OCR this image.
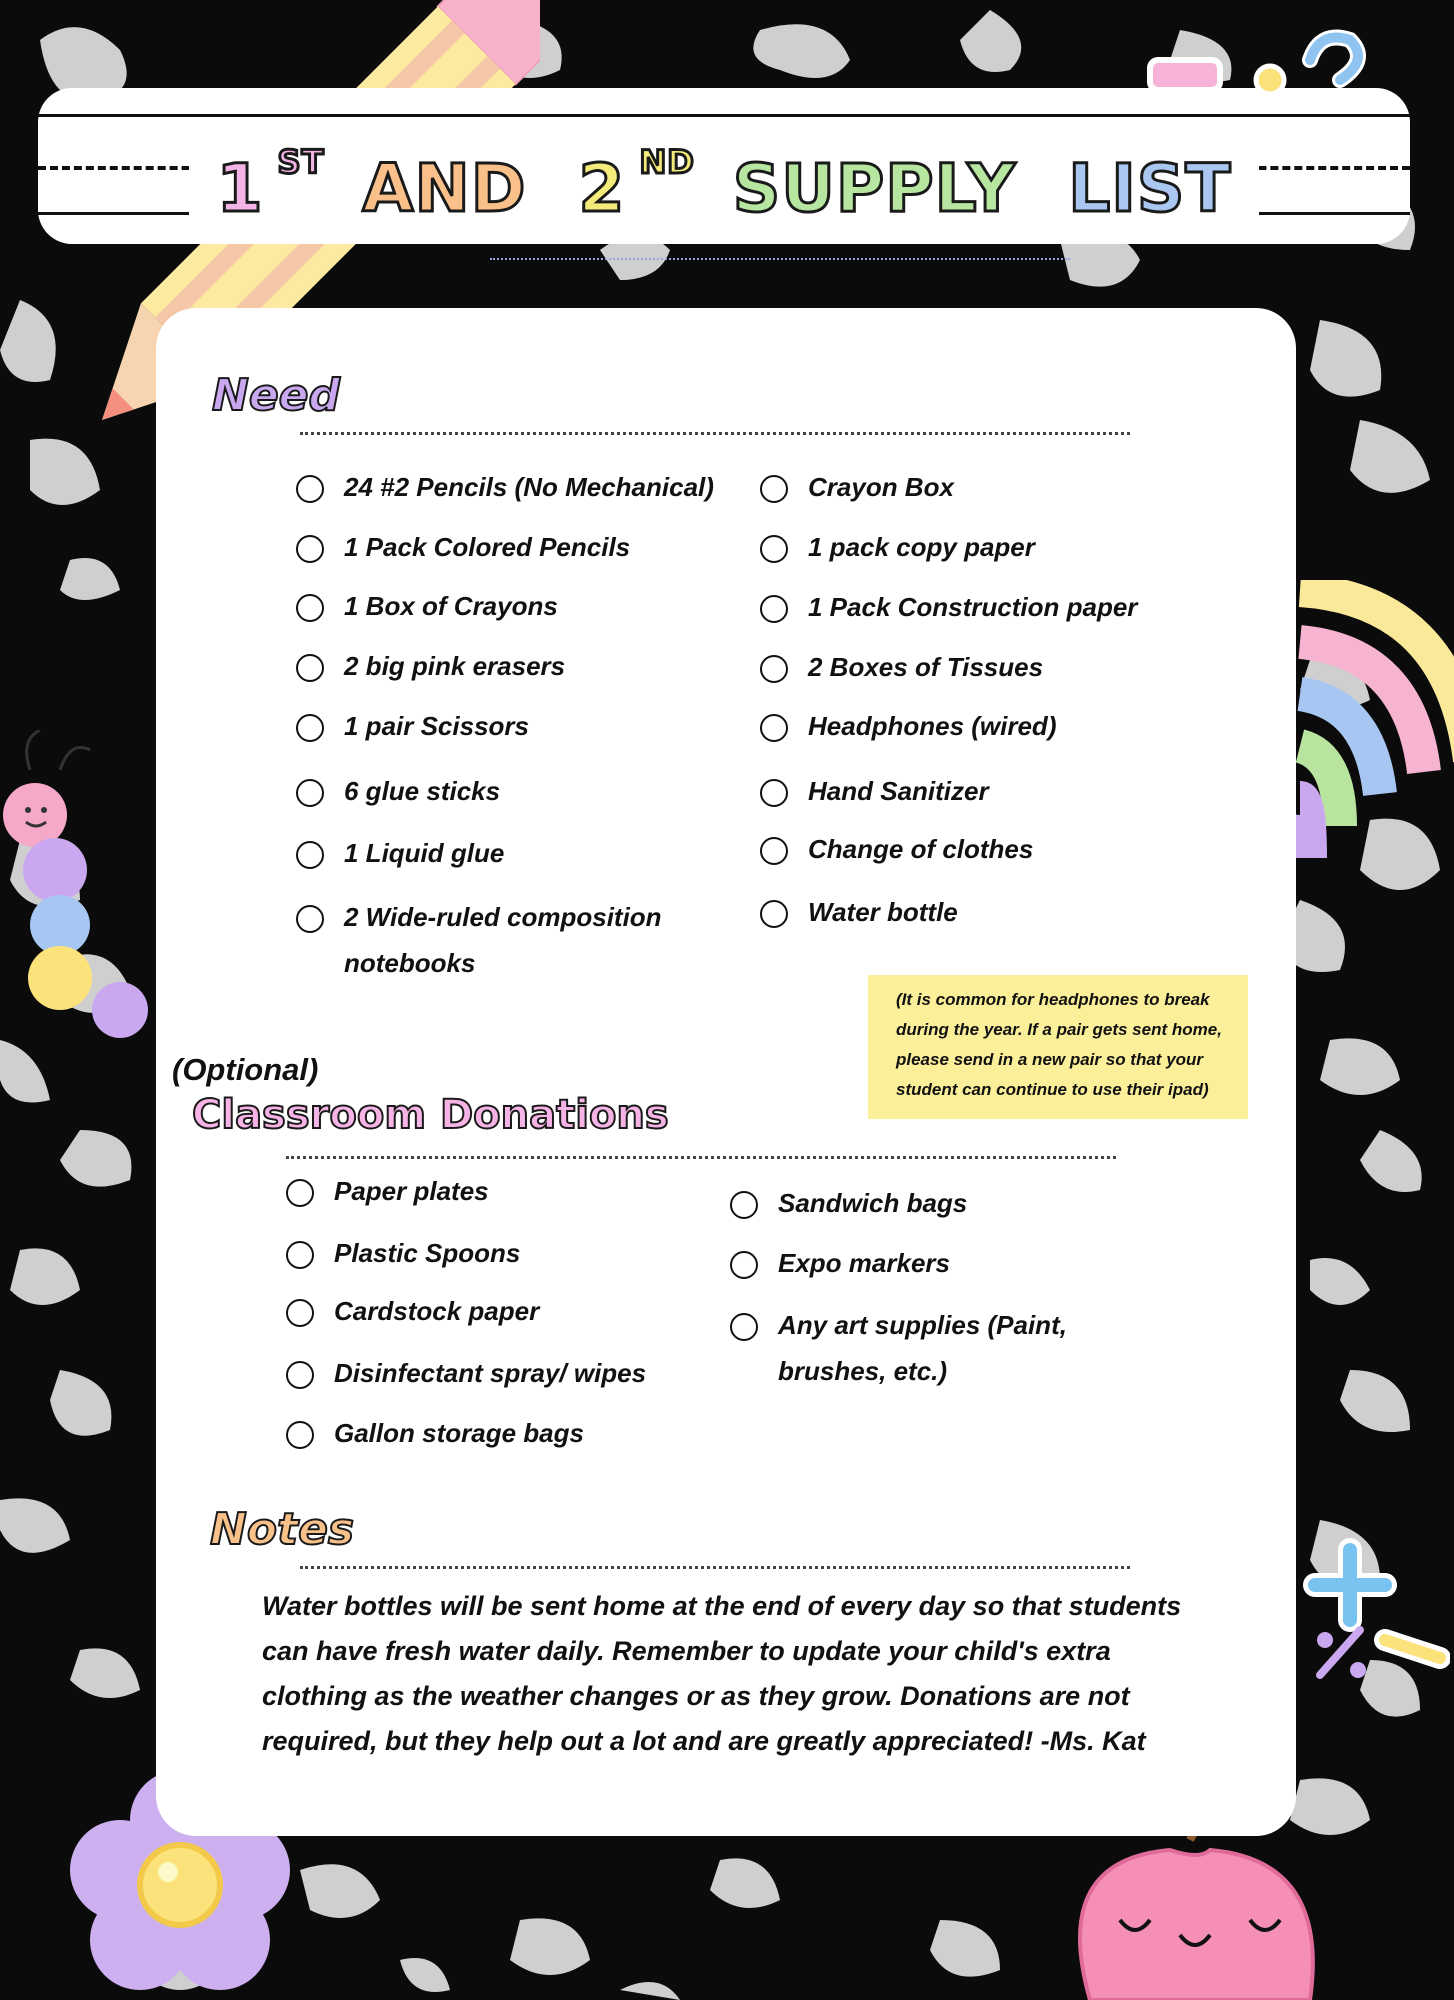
1 $^{ST}$ AND 2 $^{ND}$ SUPPLY LIST
Need
24 #2 Pencils (No Mechanical)
1 Pack Colored Pencils
1 Box of Crayons
2 big pink erasers
1 pair Scissors
6 glue sticks
1 Liquid glue
2 Wide-ruled composition notebooks
Crayon Box
1 pack copy paper
1 Pack Construction paper
2 Boxes of Tissues
Headphones (wired)
Hand Sanitizer
Change of clothes
Water bottle

(It is common for headphones to break during the year. If a pair gets sent home, please send in a new pair so that your student can continue to use their ipad)

(Optional)
Classroom Donations
Paper plates
Plastic Spoons
Cardstock paper
Disinfectant spray/ wipes
Gallon storage bags
Sandwich bags
Expo markers
Any art supplies (Paint, brushes, etc.)
Notes
Water bottles will be sent home at the end of every day so that students can have fresh water daily. Remember to update your child's extra clothing as the weather changes or as they grow. Donations are not required, but they help out a lot and are greatly appreciated! -Ms. Kat
